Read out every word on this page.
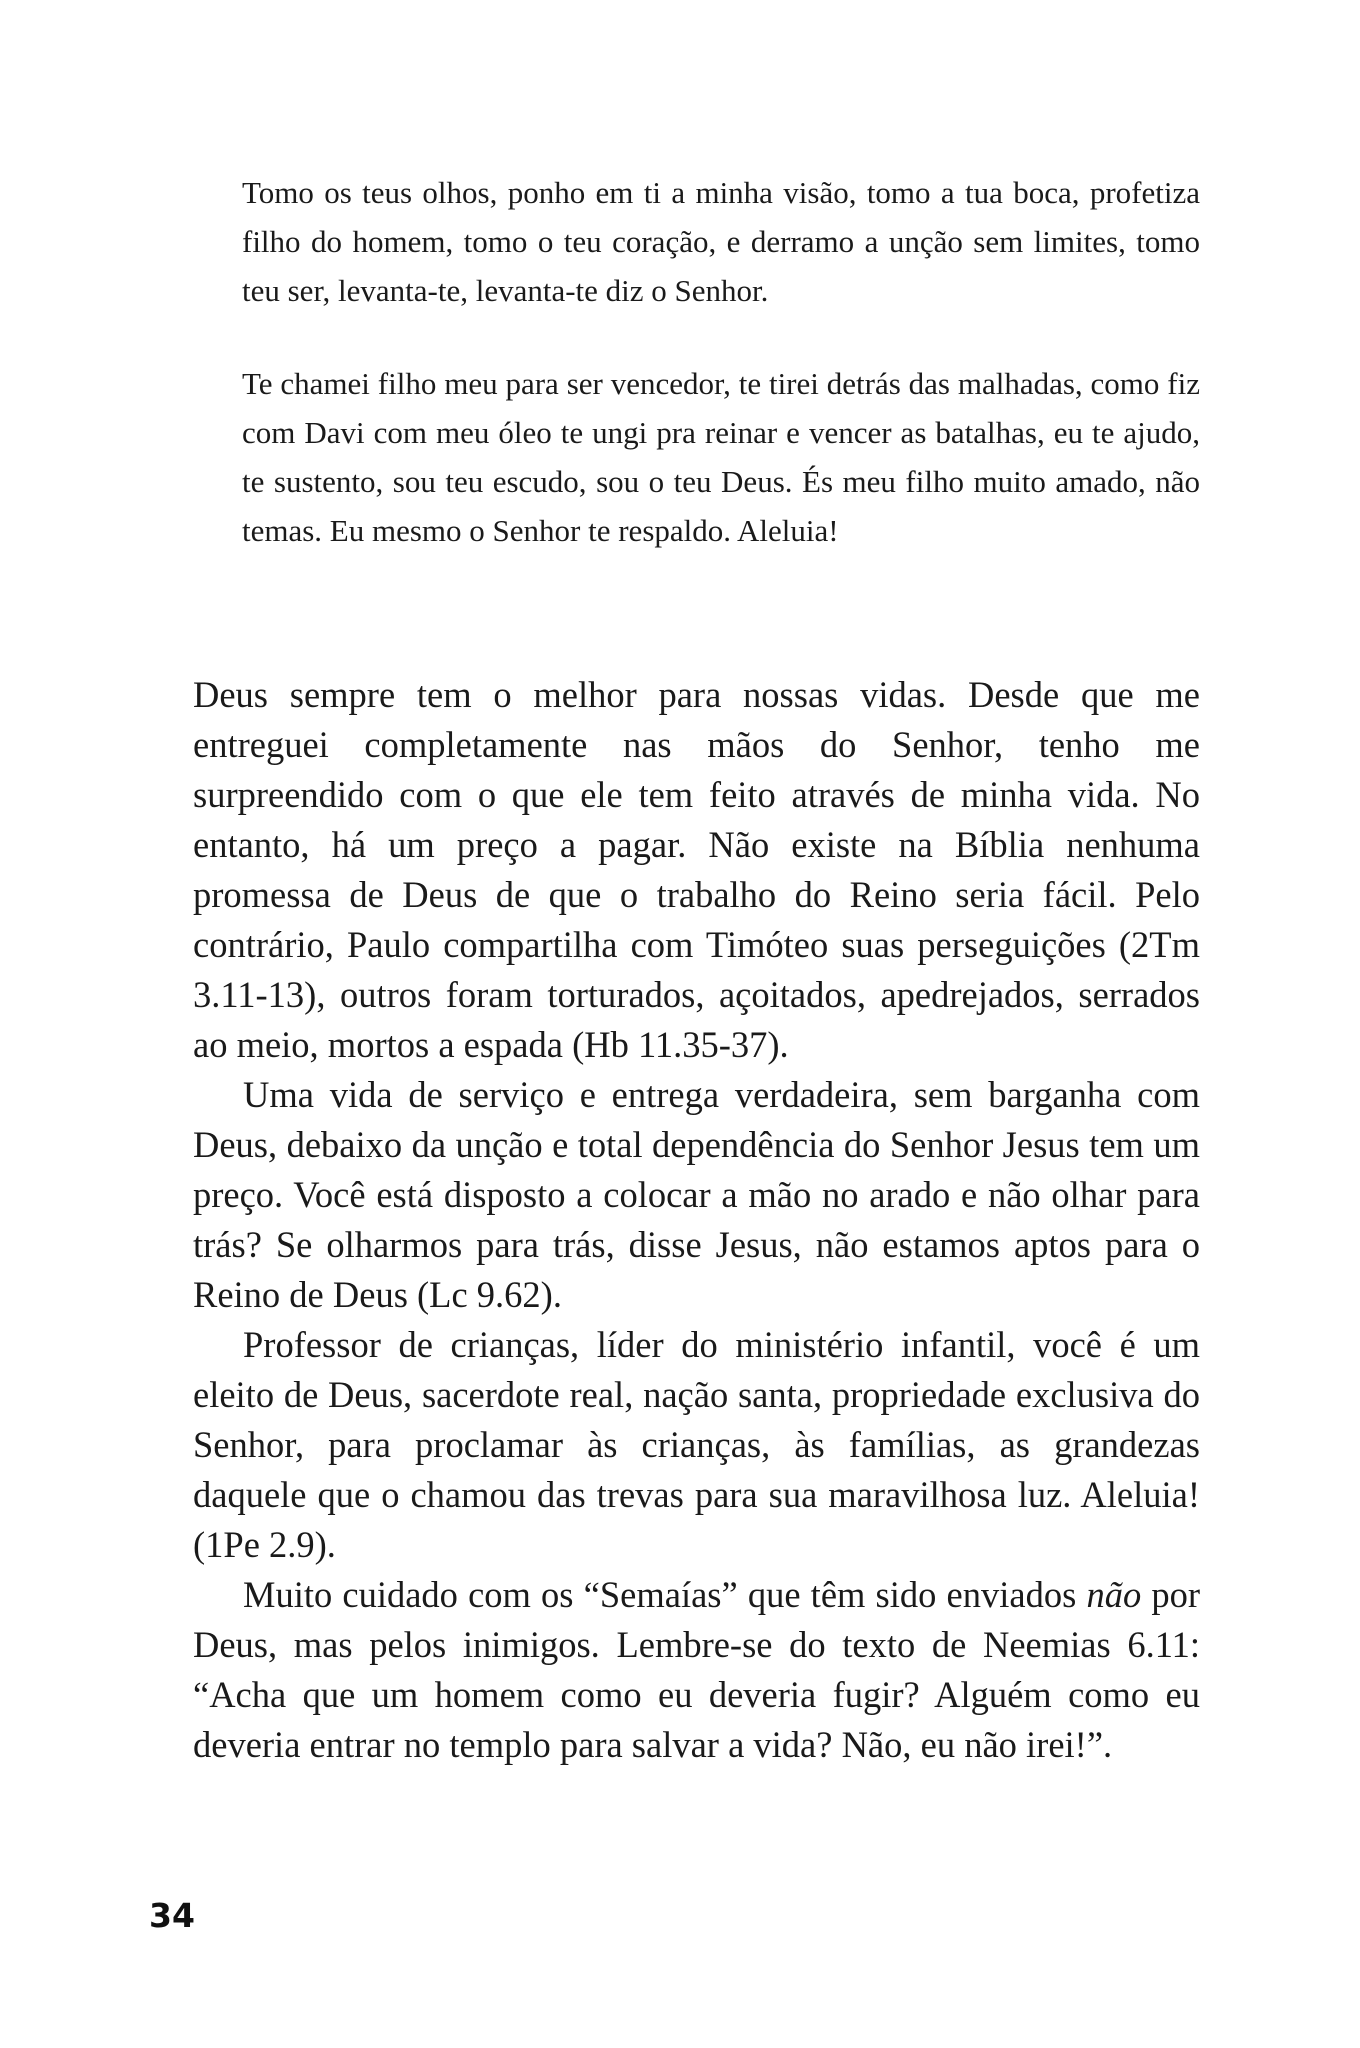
Tomo os teus olhos, ponho em ti a minha visão, tomo a tua boca, profetiza filho do homem, tomo o teu coração, e derramo a unção sem limites, tomo teu ser, levanta-te, levanta-te diz o Senhor.

Te chamei filho meu para ser vencedor, te tirei detrás das malhadas, como fiz com Davi com meu óleo te ungi pra reinar e vencer as batalhas, eu te ajudo, te sustento, sou teu escudo, sou o teu Deus. És meu filho muito amado, não temas. Eu mesmo o Senhor te respaldo. Aleluia!

Deus sempre tem o melhor para nossas vidas. Desde que me entreguei completamente nas mãos do Senhor, tenho me surpreendido com o que ele tem feito através de minha vida. No entanto, há um preço a pagar. Não existe na Bíblia nenhuma promessa de Deus de que o trabalho do Reino seria fácil. Pelo contrário, Paulo compartilha com Timóteo suas perseguições (2Tm 3.11-13), outros foram torturados, açoitados, apedrejados, serrados ao meio, mortos a espada (Hb 11.35-37).

Uma vida de serviço e entrega verdadeira, sem barganha com Deus, debaixo da unção e total dependência do Senhor Jesus tem um preço. Você está disposto a colocar a mão no arado e não olhar para trás? Se olharmos para trás, disse Jesus, não estamos aptos para o Reino de Deus (Lc 9.62).

Professor de crianças, líder do ministério infantil, você é um eleito de Deus, sacerdote real, nação santa, propriedade exclusiva do Senhor, para proclamar às crianças, às famílias, as grandezas daquele que o chamou das trevas para sua maravilhosa luz. Aleluia! (1Pe 2.9).

Muito cuidado com os “Semaías” que têm sido enviados não por Deus, mas pelos inimigos. Lembre-se do texto de Neemias 6.11: “Acha que um homem como eu deveria fugir? Alguém como eu deveria entrar no templo para salvar a vida? Não, eu não irei!”.

34
